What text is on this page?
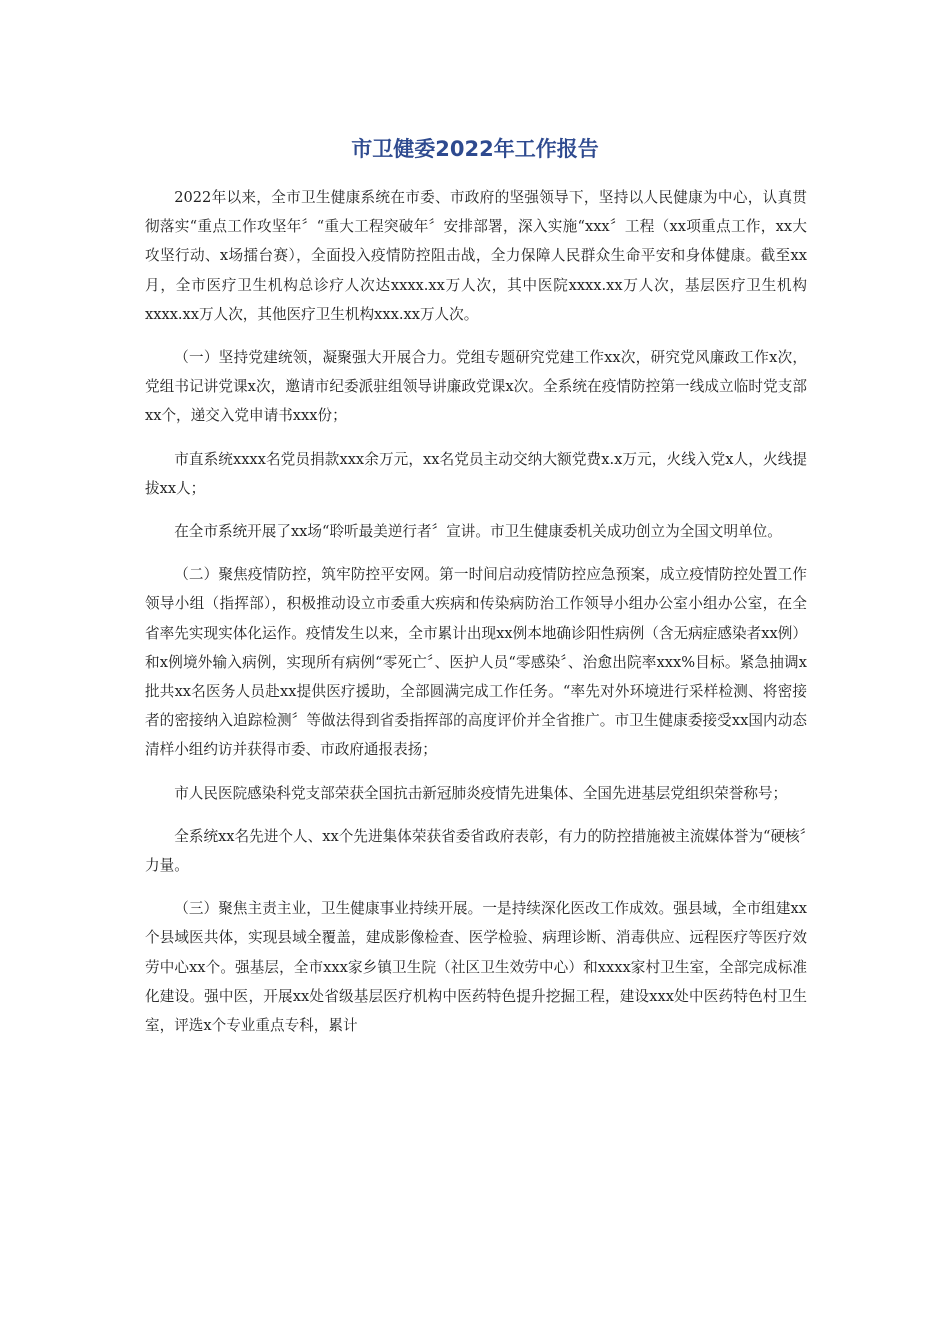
市卫健委2022年工作报告

2022年以来，全市卫生健康系统在市委、市政府的坚强领导下，坚持以人民健康为中心，认真贯彻落实“重点工作攻坚年〞“重大工程突破年〞安排部署，深入实施“xxx〞工程（xx项重点工作，xx大攻坚行动、x场擂台赛），全面投入疫情防控阻击战，全力保障人民群众生命平安和身体健康。截至xx月，全市医疗卫生机构总诊疗人次达xxxx.xx万人次，其中医院xxxx.xx万人次，基层医疗卫生机构xxxx.xx万人次，其他医疗卫生机构xxx.xx万人次。

（一）坚持党建统领，凝聚强大开展合力。党组专题研究党建工作xx次，研究党风廉政工作x次，党组书记讲党课x次，邀请市纪委派驻组领导讲廉政党课x次。全系统在疫情防控第一线成立临时党支部xx个，递交入党申请书xxx份；

市直系统xxxx名党员捐款xxx余万元，xx名党员主动交纳大额党费x.x万元，火线入党x人，火线提拔xx人；

在全市系统开展了xx场“聆听最美逆行者〞宣讲。市卫生健康委机关成功创立为全国文明单位。

（二）聚焦疫情防控，筑牢防控平安网。第一时间启动疫情防控应急预案，成立疫情防控处置工作领导小组（指挥部），积极推动设立市委重大疾病和传染病防治工作领导小组办公室小组办公室，在全省率先实现实体化运作。疫情发生以来，全市累计出现xx例本地确诊阳性病例（含无病症感染者xx例）和x例境外输入病例，实现所有病例“零死亡〞、医护人员“零感染〞、治愈出院率xxx%目标。紧急抽调x批共xx名医务人员赴xx提供医疗援助，全部圆满完成工作任务。“率先对外环境进行采样检测、将密接者的密接纳入追踪检测〞等做法得到省委指挥部的高度评价并全省推广。市卫生健康委接受xx国内动态清样小组约访并获得市委、市政府通报表扬；

市人民医院感染科党支部荣获全国抗击新冠肺炎疫情先进集体、全国先进基层党组织荣誉称号；

全系统xx名先进个人、xx个先进集体荣获省委省政府表彰，有力的防控措施被主流媒体誉为“硬核〞力量。

（三）聚焦主责主业，卫生健康事业持续开展。一是持续深化医改工作成效。强县域，全市组建xx个县域医共体，实现县域全覆盖，建成影像检查、医学检验、病理诊断、消毒供应、远程医疗等医疗效劳中心xx个。强基层，全市xxx家乡镇卫生院（社区卫生效劳中心）和xxxx家村卫生室，全部完成标准化建设。强中医，开展xx处省级基层医疗机构中医药特色提升挖掘工程，建设xxx处中医药特色村卫生室，评选x个专业重点专科，累计
